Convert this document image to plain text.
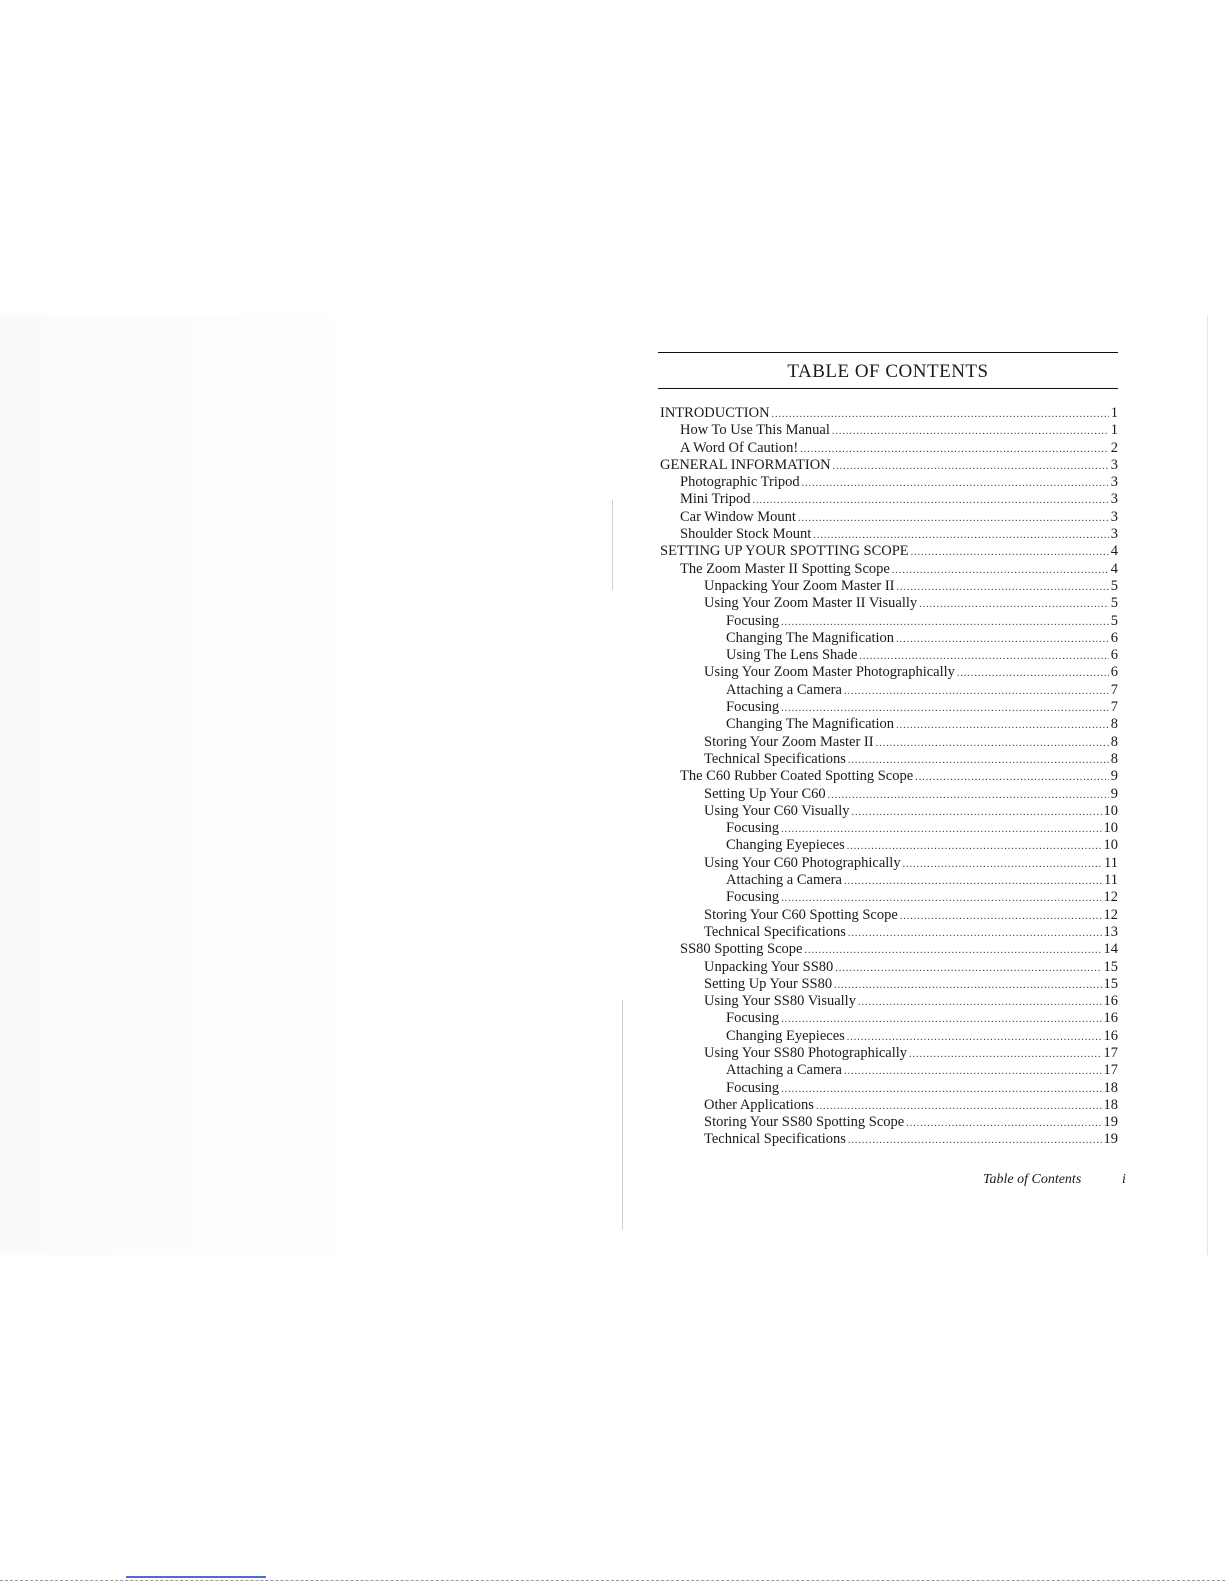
TABLE OF CONTENTS
INTRODUCTION .....	1
How To Use This Manual .....	1
A Word Of Caution! .....	2
GENERAL INFORMATION .....	3
Photographic Tripod .....	3
Mini Tripod .....	3
Car Window Mount .....	3
Shoulder Stock Mount .....	3
SETTING UP YOUR SPOTTING SCOPE .....	4
The Zoom Master II Spotting Scope .....	4
Unpacking Your Zoom Master II .....	5
Using Your Zoom Master II Visually .....	5
Focusing .....	5
Changing The Magnification .....	6
Using The Lens Shade .....	6
Using Your Zoom Master Photographically .....	6
Attaching a Camera .....	7
Focusing .....	7
Changing The Magnification .....	8
Storing Your Zoom Master II .....	8
Technical Specifications .....	8
The C60 Rubber Coated Spotting Scope .....	9
Setting Up Your C60 .....	9
Using Your C60 Visually .....	10
Focusing .....	10
Changing Eyepieces .....	10
Using Your C60 Photographically .....	11
Attaching a Camera .....	11
Focusing .....	12
Storing Your C60 Spotting Scope .....	12
Technical Specifications .....	13
SS80 Spotting Scope .....	14
Unpacking Your SS80 .....	15
Setting Up Your SS80 .....	15
Using Your SS80 Visually .....	16
Focusing .....	16
Changing Eyepieces .....	16
Using Your SS80 Photographically .....	17
Attaching a Camera .....	17
Focusing .....	18
Other Applications .....	18
Storing Your SS80 Spotting Scope .....	19
Technical Specifications .....	19
Table of Contents	i
